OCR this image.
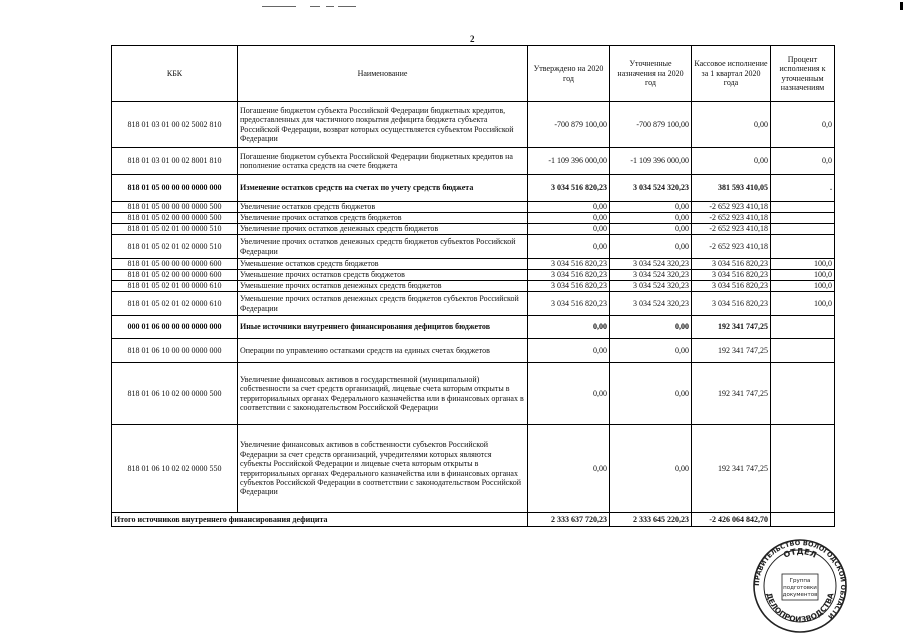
2
КБК	Наименование	Утверждено на 2020 год	Уточненные назначения на 2020 год	Кассовое исполнение за 1 квартал 2020 года	Процент исполнения к уточненным назначениям
818 01 03 01 00 02 5002 810	Погашение бюджетом субъекта Российской Федерации бюджетных кредитов, предоставленных для частичного покрытия дефицита бюджета субъекта Российской Федерации, возврат которых осуществляется субъектом Российской Федерации	-700 879 100,00	-700 879 100,00	0,00	0,0
818 01 03 01 00 02 8001 810	Погашение бюджетом субъекта Российской Федерации бюджетных кредитов на пополнение остатка средств на счете бюджета	-1 109 396 000,00	-1 109 396 000,00	0,00	0,0
818 01 05 00 00 00 0000 000	Изменение остатков средств на счетах по учету средств бюджета	3 034 516 820,23	3 034 524 320,23	381 593 410,05	.
818 01 05 00 00 00 0000 500	Увеличение остатков средств бюджетов	0,00	0,00	-2 652 923 410,18	
818 01 05 02 00 00 0000 500	Увеличение прочих остатков средств бюджетов	0,00	0,00	-2 652 923 410,18	
818 01 05 02 01 00 0000 510	Увеличение прочих остатков денежных средств бюджетов	0,00	0,00	-2 652 923 410,18	
818 01 05 02 01 02 0000 510	Увеличение прочих остатков денежных средств бюджетов субъектов Российской Федерации	0,00	0,00	-2 652 923 410,18	
818 01 05 00 00 00 0000 600	Уменьшение остатков средств бюджетов	3 034 516 820,23	3 034 524 320,23	3 034 516 820,23	100,0
818 01 05 02 00 00 0000 600	Уменьшение прочих остатков средств бюджетов	3 034 516 820,23	3 034 524 320,23	3 034 516 820,23	100,0
818 01 05 02 01 00 0000 610	Уменьшение прочих остатков денежных средств бюджетов	3 034 516 820,23	3 034 524 320,23	3 034 516 820,23	100,0
818 01 05 02 01 02 0000 610	Уменьшение прочих остатков денежных средств бюджетов субъектов Российской Федерации	3 034 516 820,23	3 034 524 320,23	3 034 516 820,23	100,0
000 01 06 00 00 00 0000 000	Иные источники внутреннего финансирования дефицитов бюджетов	0,00	0,00	192 341 747,25	
818 01 06 10 00 00 0000 000	Операции по управлению остатками средств на единых счетах бюджетов	0,00	0,00	192 341 747,25	
818 01 06 10 02 00 0000 500	Увеличение финансовых активов в государственной (муниципальной) собственности за счет средств организаций, лицевые счета которым открыты в территориальных органах Федерального казначейства или в финансовых органах в соответствии с законодательством Российской Федерации	0,00	0,00	192 341 747,25	
818 01 06 10 02 02 0000 550	Увеличение финансовых активов в собственности субъектов Российской Федерации за счет средств организаций, учредителями которых являются субъекты Российской Федерации и лицевые счета которым открыты в территориальных органах Федерального казначейства или в финансовых органах субъектов Российской Федерации в соответствии с законодательством Российской Федерации	0,00	0,00	192 341 747,25	
Итого источников внутреннего финансирования дефицита		2 333 637 720,23	2 333 645 220,23	-2 426 064 842,70	
ПРАВИТЕЛЬСТВО ВОЛОГОДСКОЙ ОБЛАСТИ
ОТДЕЛ
ДЕЛОПРОИЗВОДСТВА
Группа
подготовки
документов
